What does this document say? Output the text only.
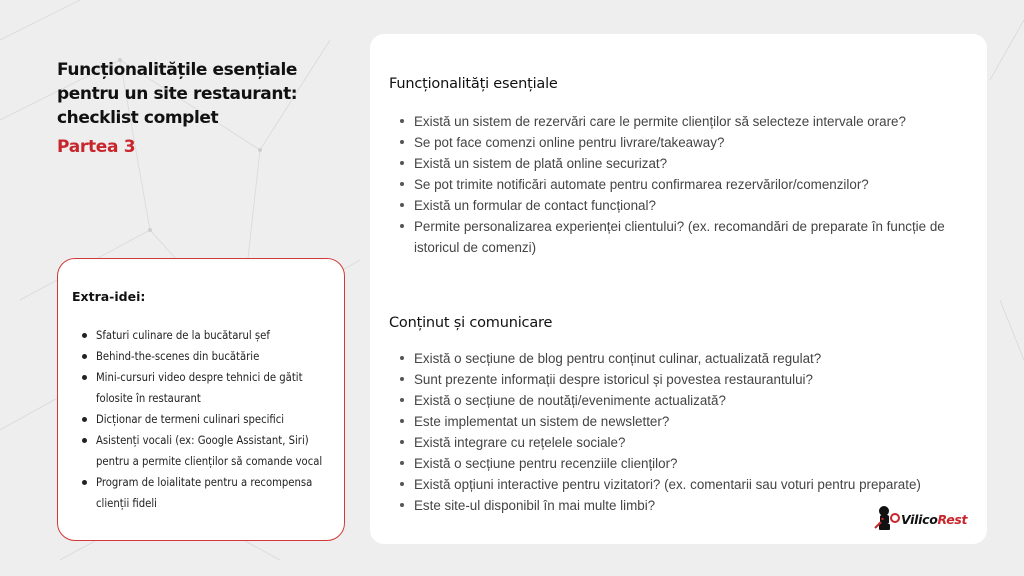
Funcționalitățile esențiale pentru un site restaurant: checklist complet
Partea 3
Extra-idei:
Sfaturi culinare de la bucătarul șef
Behind-the-scenes din bucătărie
Mini-cursuri video despre tehnici de gătit folosite în restaurant
Dicționar de termeni culinari specifici
Asistenți vocali (ex: Google Assistant, Siri) pentru a permite clienților să comande vocal
Program de loialitate pentru a recompensa clienții fideli
Funcționalități esențiale
Există un sistem de rezervări care le permite clienților să selecteze intervale orare?
Se pot face comenzi online pentru livrare/takeaway?
Există un sistem de plată online securizat?
Se pot trimite notificări automate pentru confirmarea rezervărilor/comenzilor?
Există un formular de contact funcțional?
Permite personalizarea experienței clientului? (ex. recomandări de preparate în funcție de istoricul de comenzi)
Conținut și comunicare
Există o secțiune de blog pentru conținut culinar, actualizată regulat?
Sunt prezente informații despre istoricul și povestea restaurantului?
Există o secțiune de noutăți/evenimente actualizată?
Este implementat un sistem de newsletter?
Există integrare cu rețelele sociale?
Există o secțiune pentru recenziile clienților?
Există opțiuni interactive pentru vizitatori? (ex. comentarii sau voturi pentru preparate)
Este site-ul disponibil în mai multe limbi?
VilicoRest
